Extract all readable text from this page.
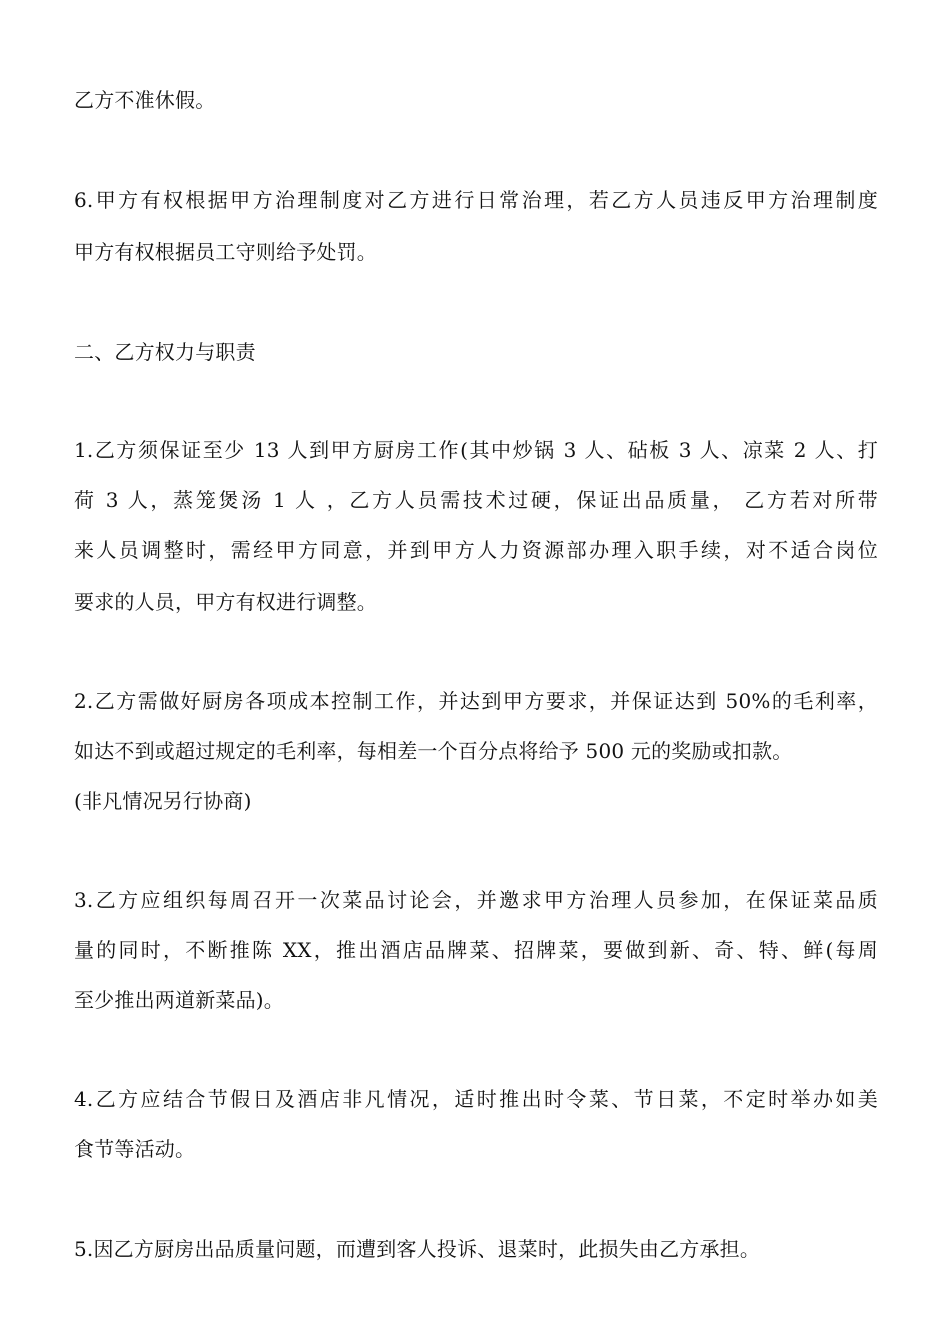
乙方不准休假。
6.甲方有权根据甲方治理制度对乙方进行日常治理，若乙方人员违反甲方治理制度
甲方有权根据员工守则给予处罚。
二、乙方权力与职责
1.乙方须保证至少 13 人到甲方厨房工作(其中炒锅 3 人、砧板 3 人、凉菜 2 人、打
荷 3 人，蒸笼煲汤 1 人 ，乙方人员需技术过硬，保证出品质量， 乙方若对所带
来人员调整时，需经甲方同意，并到甲方人力资源部办理入职手续，对不适合岗位
要求的人员，甲方有权进行调整。
2.乙方需做好厨房各项成本控制工作，并达到甲方要求，并保证达到 50%的毛利率，
如达不到或超过规定的毛利率，每相差一个百分点将给予 500 元的奖励或扣款。
(非凡情况另行协商)
3.乙方应组织每周召开一次菜品讨论会，并邀求甲方治理人员参加，在保证菜品质
量的同时，不断推陈 XX，推出酒店品牌菜、招牌菜，要做到新、奇、特、鲜(每周
至少推出两道新菜品)。
4.乙方应结合节假日及酒店非凡情况，适时推出时令菜、节日菜，不定时举办如美
食节等活动。
5.因乙方厨房出品质量问题，而遭到客人投诉、退菜时，此损失由乙方承担。
